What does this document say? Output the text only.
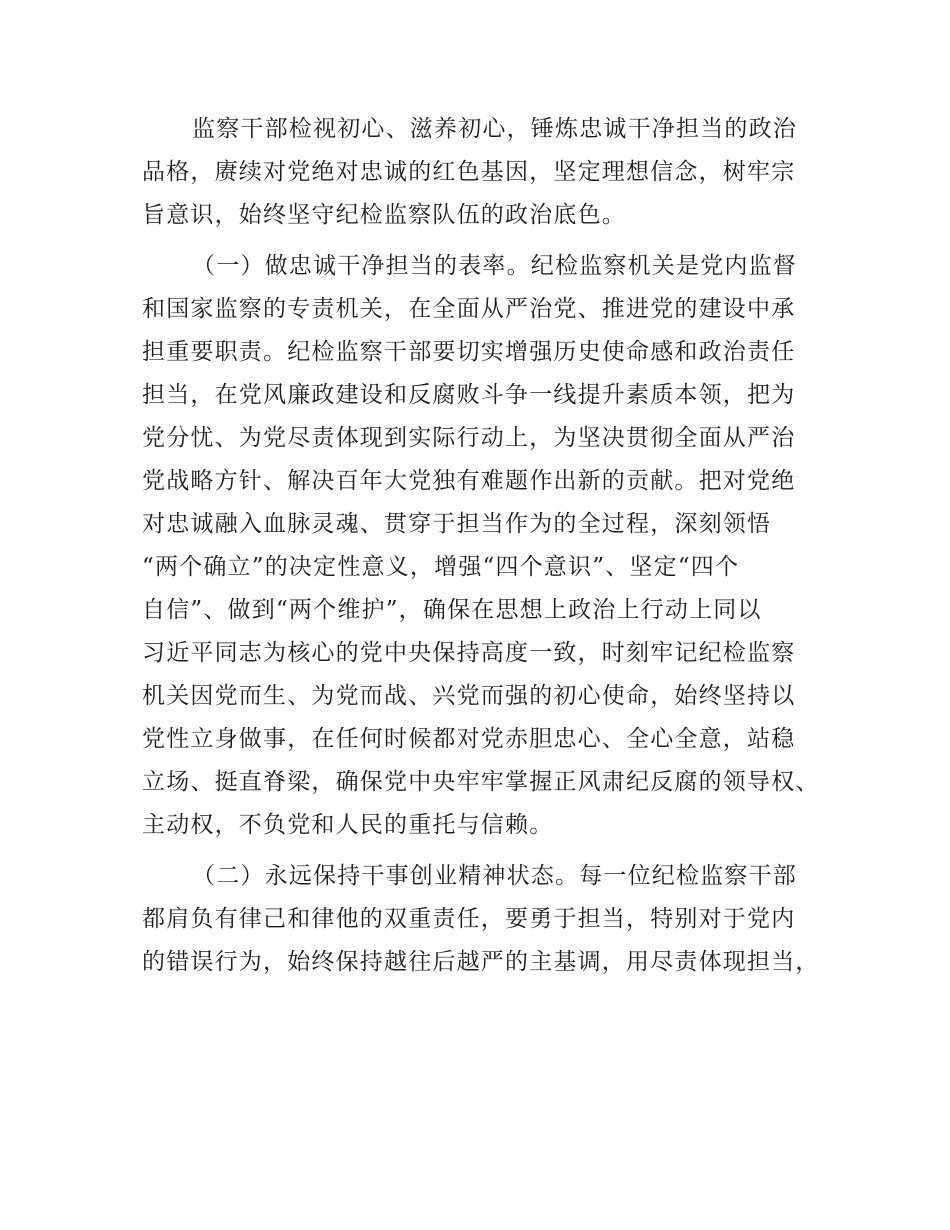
监察干部检视初心、滋养初心，锤炼忠诚干净担当的政治
品格，赓续对党绝对忠诚的红色基因，坚定理想信念，树牢宗
旨意识，始终坚守纪检监察队伍的政治底色。
（一）做忠诚干净担当的表率。纪检监察机关是党内监督
和国家监察的专责机关，在全面从严治党、推进党的建设中承
担重要职责。纪检监察干部要切实增强历史使命感和政治责任
担当，在党风廉政建设和反腐败斗争一线提升素质本领，把为
党分忧、为党尽责体现到实际行动上，为坚决贯彻全面从严治
党战略方针、解决百年大党独有难题作出新的贡献。把对党绝
对忠诚融入血脉灵魂、贯穿于担当作为的全过程，深刻领悟
“两个确立”的决定性意义，增强“四个意识”、坚定“四个
自信”、做到“两个维护”，确保在思想上政治上行动上同以
习近平同志为核心的党中央保持高度一致，时刻牢记纪检监察
机关因党而生、为党而战、兴党而强的初心使命，始终坚持以
党性立身做事，在任何时候都对党赤胆忠心、全心全意，站稳
立场、挺直脊梁，确保党中央牢牢掌握正风肃纪反腐的领导权、
主动权，不负党和人民的重托与信赖。
（二）永远保持干事创业精神状态。每一位纪检监察干部
都肩负有律己和律他的双重责任，要勇于担当，特别对于党内
的错误行为，始终保持越往后越严的主基调，用尽责体现担当，
